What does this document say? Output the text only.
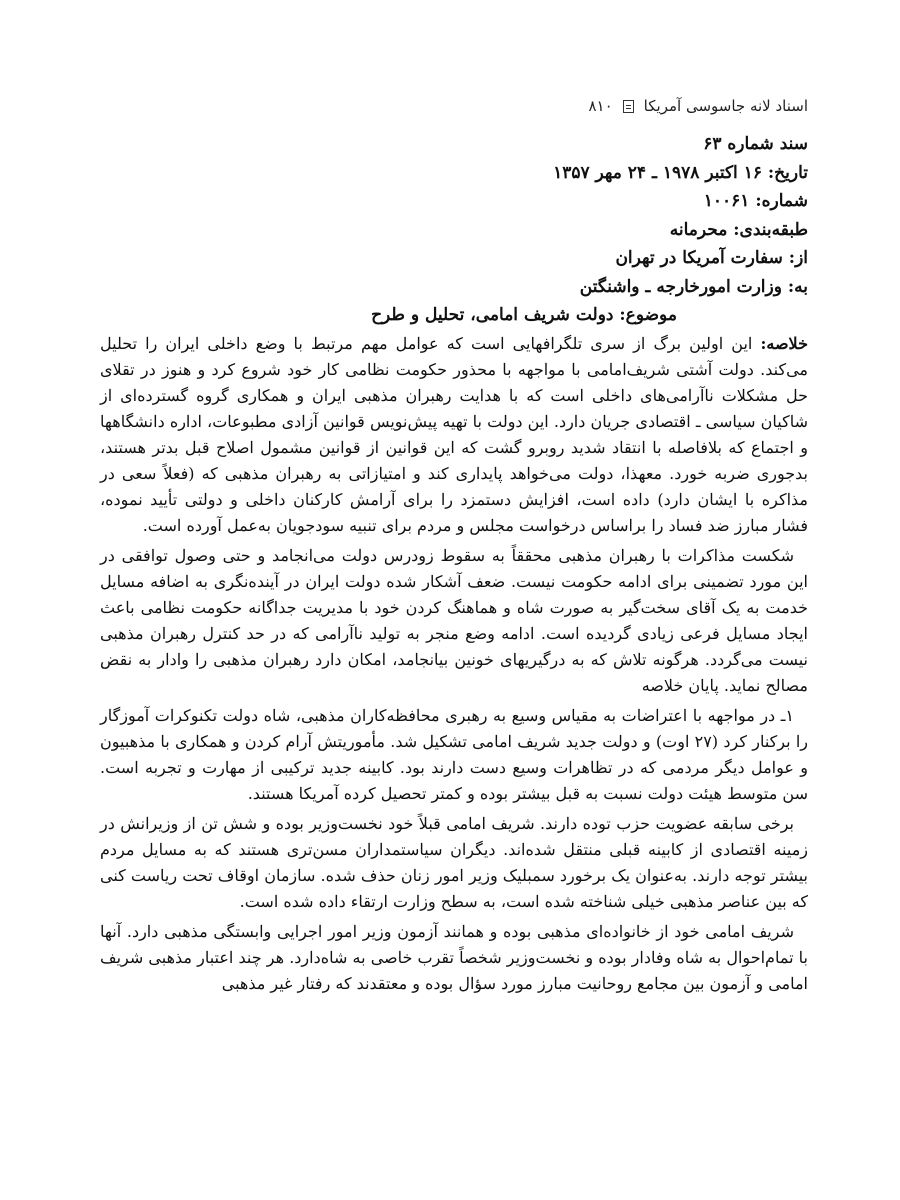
اسناد لانه جاسوسی آمریکا
۸۱۰
سند شماره ۶۳
تاریخ: ۱۶ اکتبر ۱۹۷۸ ـ ۲۴ مهر ۱۳۵۷
شماره: ۱۰۰۶۱
طبقه‌بندی: محرمانه
از: سفارت آمریکا در تهران
به: وزارت امورخارجه ـ واشنگتن
موضوع: دولت شریف امامی، تحلیل و طرح

خلاصه: این اولین برگ از سری تلگرافهایی است که عوامل مهم مرتبط با وضع داخلی ایران را تحلیل می‌کند. دولت آشتی شریف‌امامی با مواجهه با محذور حکومت نظامی کار خود شروع کرد و هنوز در تقلای حل مشکلات ناآرامی‌های داخلی است که با هدایت رهبران مذهبی ایران و همکاری گروه گسترده‌ای از شاکیان سیاسی ـ اقتصادی جریان دارد. این دولت با تهیه پیش‌نویس قوانین آزادی مطبوعات، اداره دانشگاهها و اجتماع که بلافاصله با انتقاد شدید روبرو گشت که این قوانین از قوانین مشمول اصلاح قبل بدتر هستند، بدجوری ضربه خورد. معهذا، دولت می‌خواهد پایداری کند و امتیازاتی به رهبران مذهبی که (فعلاً سعی در مذاکره با ایشان دارد) داده است، افزایش دستمزد را برای آرامش کارکنان داخلی و دولتی تأیید نموده، فشار مبارز ضد فساد را براساس درخواست مجلس و مردم برای تنبیه سودجویان به‌عمل آورده است.

شکست مذاکرات با رهبران مذهبی محققاً به سقوط زودرس دولت می‌انجامد و حتی وصول توافقی در این مورد تضمینی برای ادامه حکومت نیست. ضعف آشکار شده دولت ایران در آینده‌نگری به اضافه مسایل خدمت به یک آقای سخت‌گیر به صورت شاه و هماهنگ کردن خود با مدیریت جداگانه حکومت نظامی باعث ایجاد مسایل فرعی زیادی گردیده است. ادامه وضع منجر به تولید ناآرامی که در حد کنترل رهبران مذهبی نیست می‌گردد. هرگونه تلاش که به درگیریهای خونین بیانجامد، امکان دارد رهبران مذهبی را وادار به نقض مصالح نماید. پایان خلاصه

۱ـ در مواجهه با اعتراضات به مقیاس وسیع به رهبری محافظه‌کاران مذهبی، شاه دولت تکنوکرات آموزگار را برکنار کرد (۲۷ اوت) و دولت جدید شریف امامی تشکیل شد. مأموریتش آرام کردن و همکاری با مذهبیون و عوامل دیگر مردمی که در تظاهرات وسیع دست دارند بود. کابینه جدید ترکیبی از مهارت و تجربه است. سن متوسط هیئت دولت نسبت به قبل بیشتر بوده و کمتر تحصیل کرده آمریکا هستند.

برخی سابقه عضویت حزب توده دارند. شریف امامی قبلاً خود نخست‌وزیر بوده و شش تن از وزیرانش در زمینه اقتصادی از کابینه قبلی منتقل شده‌اند. دیگران سیاستمداران مسن‌تری هستند که به مسایل مردم بیشتر توجه دارند. به‌عنوان یک برخورد سمبلیک وزیر امور زنان حذف شده. سازمان اوقاف تحت ریاست کنی که بین عناصر مذهبی خیلی شناخته شده است، به سطح وزارت ارتقاء داده شده است.

شریف امامی خود از خانواده‌ای مذهبی بوده و همانند آزمون وزیر امور اجرایی وابستگی مذهبی دارد. آنها با تمام‌احوال به شاه وفادار بوده و نخست‌وزیر شخصاً تقرب خاصی به شاه‌دارد. هر چند اعتبار مذهبی شریف امامی و آزمون بین مجامع روحانیت مبارز مورد سؤال بوده و معتقدند که رفتار غیر مذهبی
